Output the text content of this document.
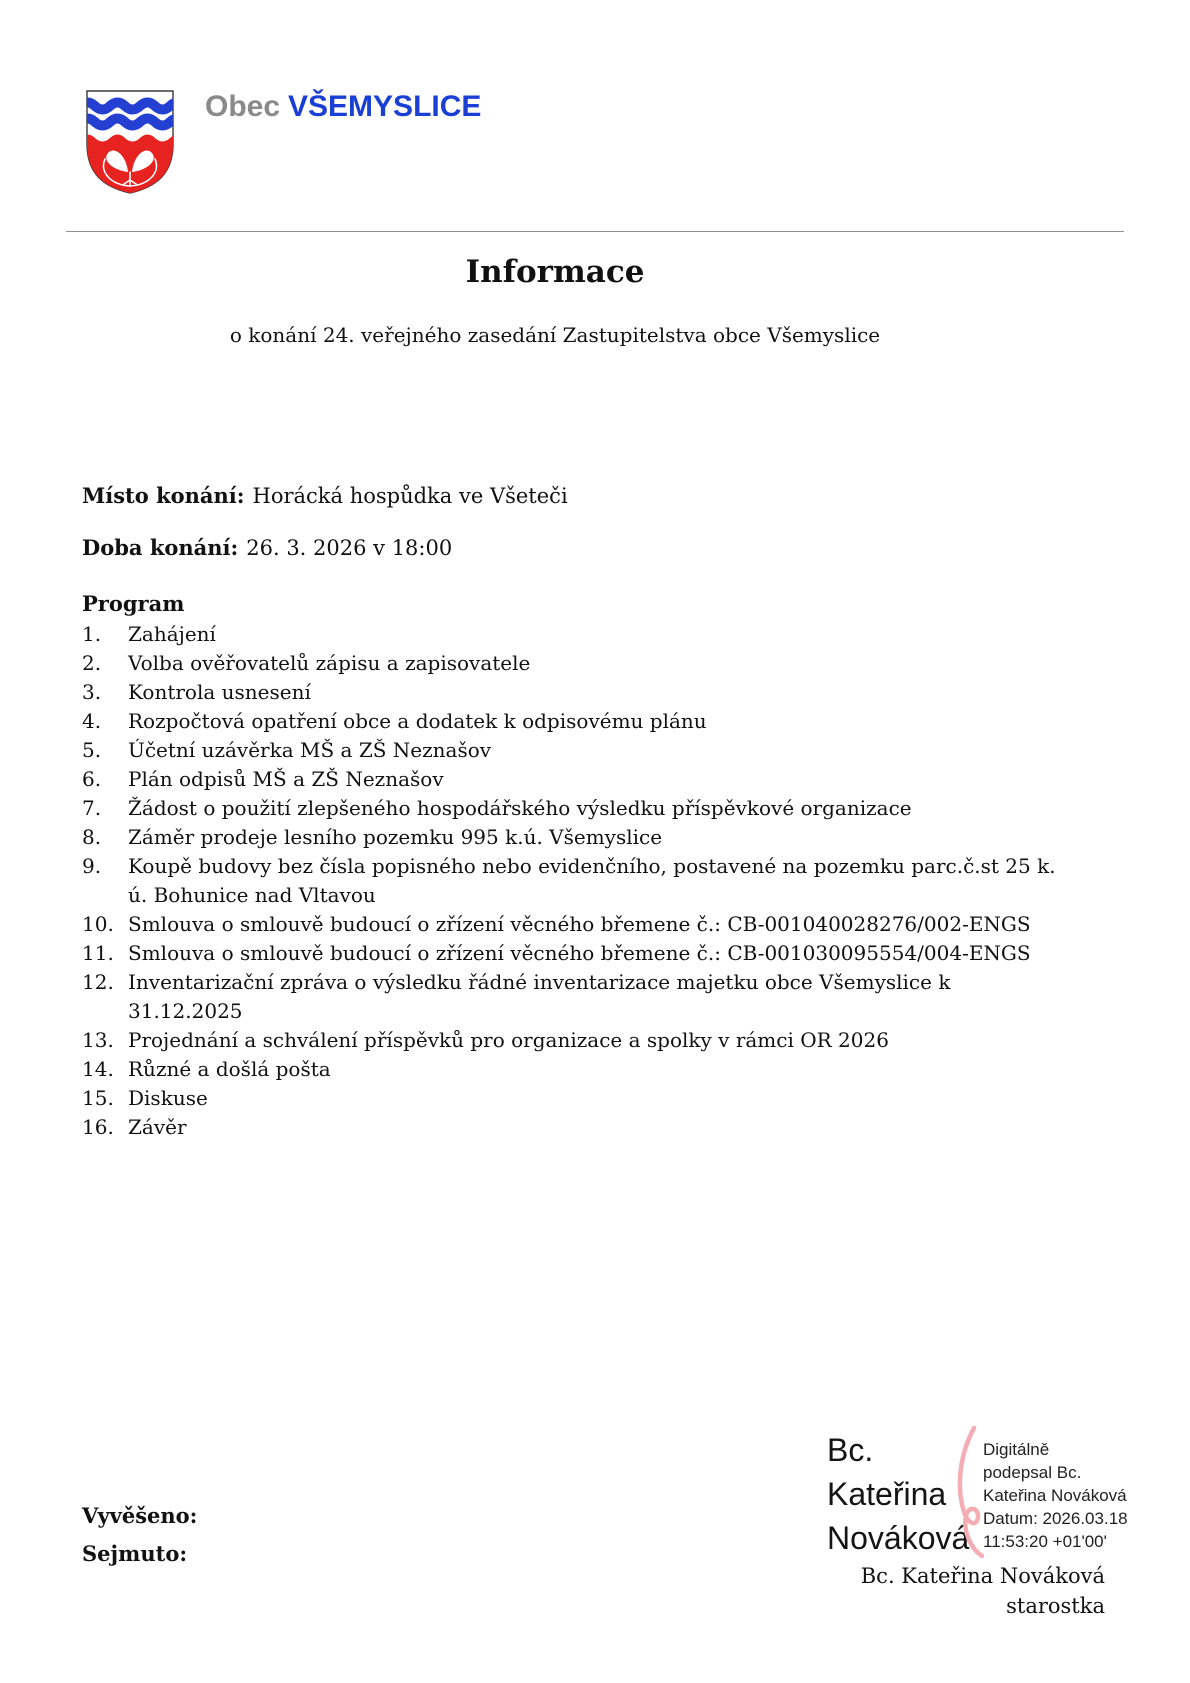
Obec VŠEMYSLICE
Informace

o konání 24. veřejného zasedání Zastupitelstva obce Všemyslice

Místo konání: Horácká hospůdka ve Všeteči
Doba konání: 26. 3. 2026 v 18:00
Program
1.	Zahájení
2.	Volba ověřovatelů zápisu a zapisovatele
3.	Kontrola usnesení
4.	Rozpočtová opatření obce a dodatek k odpisovému plánu
5.	Účetní uzávěrka MŠ a ZŠ Neznašov
6.	Plán odpisů MŠ a ZŠ Neznašov
7.	Žádost o použití zlepšeného hospodářského výsledku příspěvkové organizace
8.	Záměr prodeje lesního pozemku 995 k.ú. Všemyslice
9.	Koupě budovy bez čísla popisného nebo evidenčního, postavené na pozemku parc.č.st 25 k. ú. Bohunice nad Vltavou
10. Smlouva o smlouvě budoucí o zřízení věcného břemene č.: CB-001040028276/002-ENGS
11. Smlouva o smlouvě budoucí o zřízení věcného břemene č.: CB-001030095554/004-ENGS
12. Inventarizační zpráva o výsledku řádné inventarizace majetku obce Všemyslice k 31.12.2025
13. Projednání a schválení příspěvků pro organizace a spolky v rámci OR 2026
14. Různé a došlá pošta
15. Diskuse
16. Závěr
Bc.
Kateřina
Nováková
Digitálně
podepsal Bc.
Kateřina Nováková
Datum: 2026.03.18
11:53:20 +01'00'
Vyvěšeno:
Sejmuto:
Bc. Kateřina Nováková
starostka
